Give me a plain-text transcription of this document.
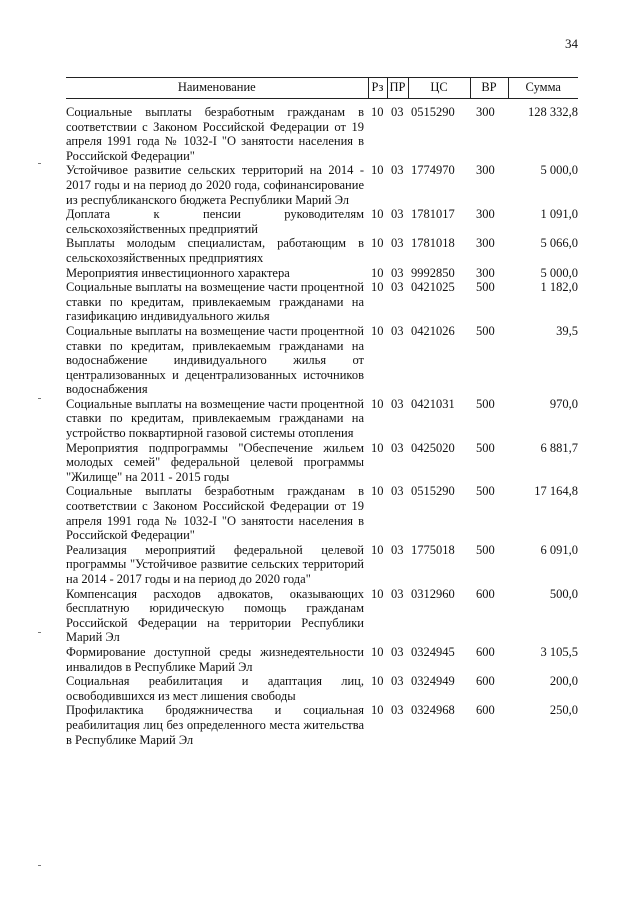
34
Наименование	Рз	ПР	ЦС	ВР	Сумма

Социальные выплаты безработным гражданам в соответствии с Законом Российской Федерации от 19 апреля 1991 года № 1032-I "О занятости населения в Российской Федерации"	10	03	0515290	300	128 332,8
Устойчивое развитие сельских территорий на 2014 - 2017 годы и на период до 2020 года, софинансирование из республиканского бюджета Республики Марий Эл	10	03	1774970	300	5 000,0
Доплата к пенсии руководителям сельскохозяйственных предприятий	10	03	1781017	300	1 091,0
Выплаты молодым специалистам, работающим в сельскохозяйственных предприятиях	10	03	1781018	300	5 066,0
Мероприятия инвестиционного характера	10	03	9992850	300	5 000,0
Социальные выплаты на возмещение части процентной ставки по кредитам, привлекаемым гражданами на газификацию индивидуального жилья	10	03	0421025	500	1 182,0
Социальные выплаты на возмещение части процентной ставки по кредитам, привлекаемым гражданами на водоснабжение индивидуального жилья от централизованных и децентрализованных источников водоснабжения	10	03	0421026	500	39,5
Социальные выплаты на возмещение части процентной ставки по кредитам, привлекаемым гражданами на устройство поквартирной газовой системы отопления	10	03	0421031	500	970,0
Мероприятия подпрограммы "Обеспечение жильем молодых семей" федеральной целевой программы "Жилище" на 2011 - 2015 годы	10	03	0425020	500	6 881,7
Социальные выплаты безработным гражданам в соответствии с Законом Российской Федерации от 19 апреля 1991 года № 1032-I "О занятости населения в Российской Федерации"	10	03	0515290	500	17 164,8
Реализация мероприятий федеральной целевой программы "Устойчивое развитие сельских территорий на 2014 - 2017 годы и на период до 2020 года"	10	03	1775018	500	6 091,0
Компенсация расходов адвокатов, оказывающих бесплатную юридическую помощь гражданам Российской Федерации на территории Республики Марий Эл	10	03	0312960	600	500,0
Формирование доступной среды жизнедеятельности инвалидов в Республике Марий Эл	10	03	0324945	600	3 105,5
Социальная реабилитация и адаптация лиц, освободившихся из мест лишения свободы	10	03	0324949	600	200,0
Профилактика бродяжничества и социальная реабилитация лиц без определенного места жительства в Республике Марий Эл	10	03	0324968	600	250,0
